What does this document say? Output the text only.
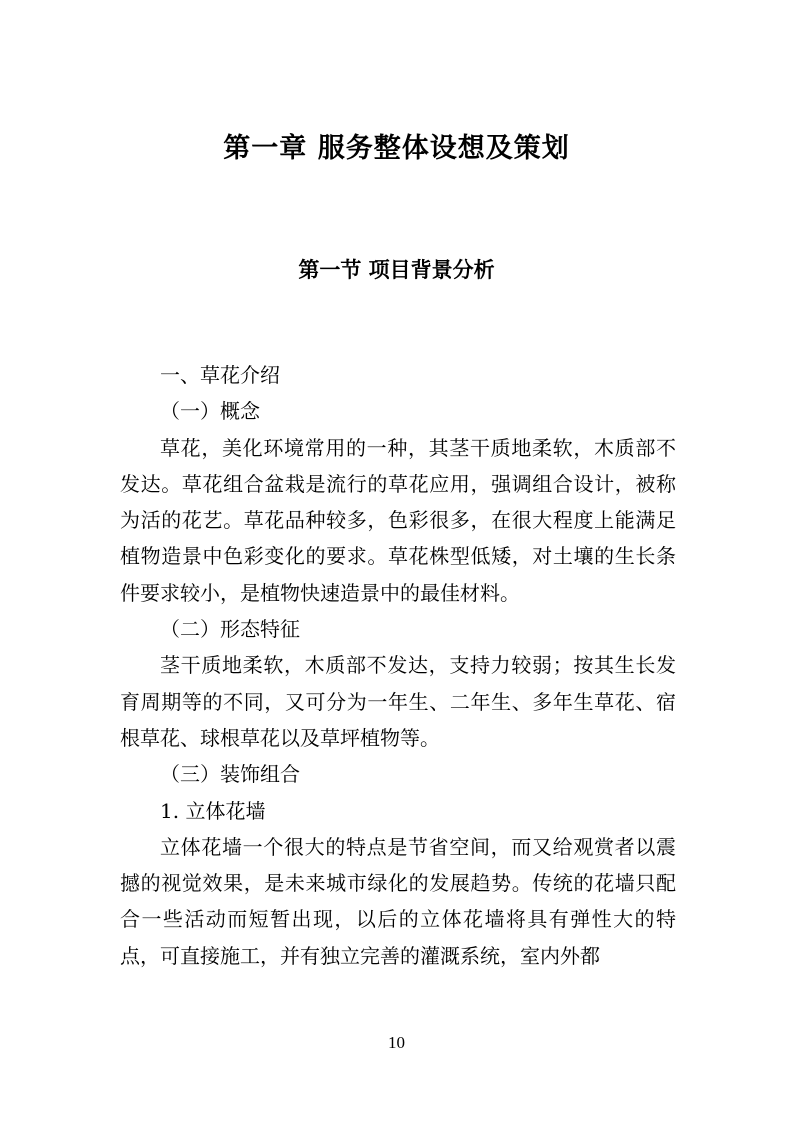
第一章 服务整体设想及策划
第一节 项目背景分析

一、草花介绍

（一）概念

草花，美化环境常用的一种，其茎干质地柔软，木质部不发达。草花组合盆栽是流行的草花应用，强调组合设计，被称为活的花艺。草花品种较多，色彩很多，在很大程度上能满足植物造景中色彩变化的要求。草花株型低矮，对土壤的生长条件要求较小，是植物快速造景中的最佳材料。

（二）形态特征

茎干质地柔软，木质部不发达，支持力较弱；按其生长发育周期等的不同，又可分为一年生、二年生、多年生草花、宿根草花、球根草花以及草坪植物等。

（三）装饰组合

1. 立体花墙

立体花墙一个很大的特点是节省空间，而又给观赏者以震撼的视觉效果，是未来城市绿化的发展趋势。传统的花墙只配合一些活动而短暂出现，以后的立体花墙将具有弹性大的特点，可直接施工，并有独立完善的灌溉系统，室内外都

10
